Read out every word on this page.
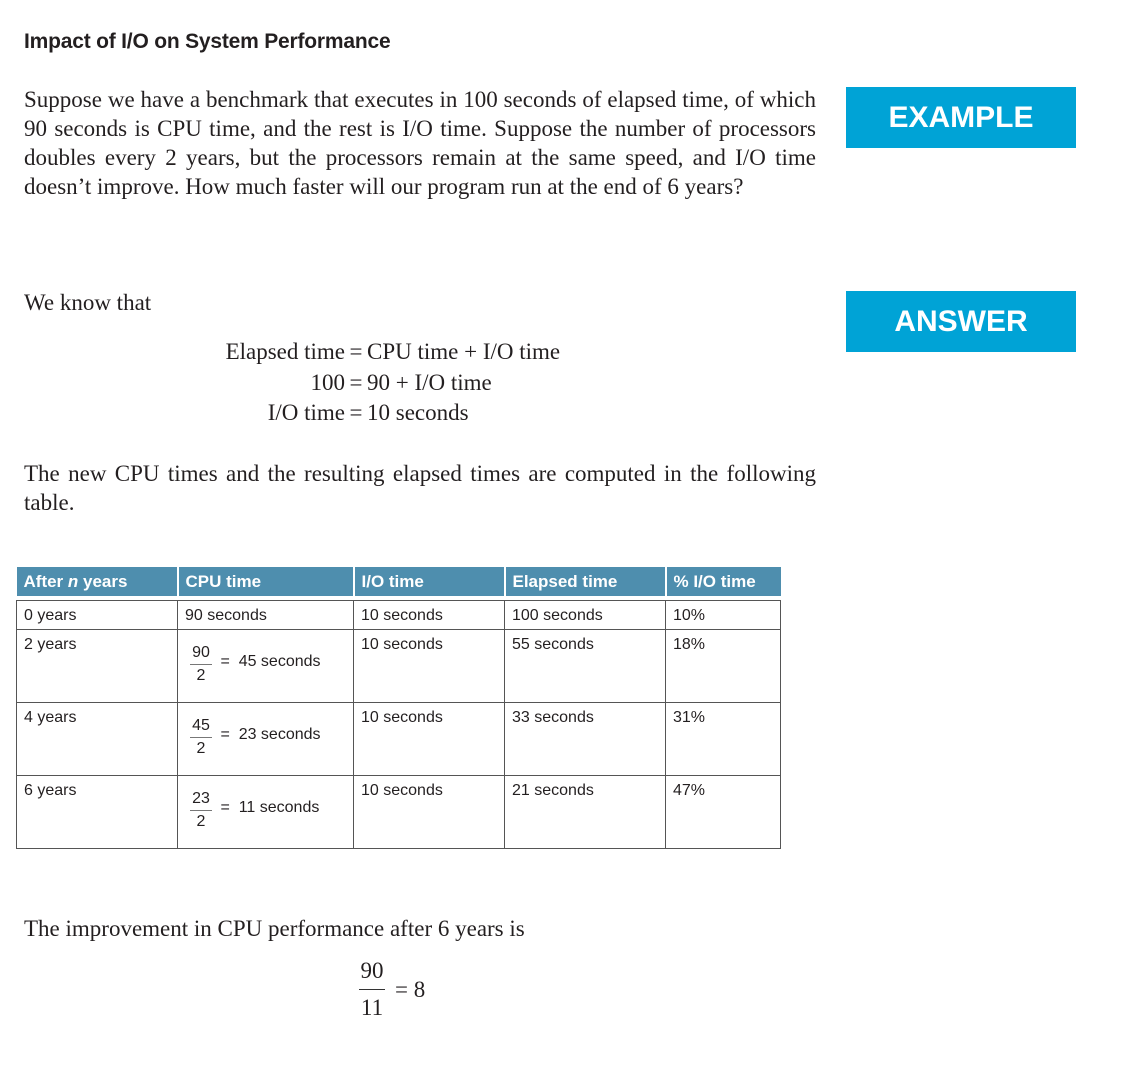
Impact of I/O on System Performance
Suppose we have a benchmark that executes in 100 seconds of elapsed time, of which 90 seconds is CPU time, and the rest is I/O time. Suppose the number of processors doubles every 2 years, but the processors remain at the same speed, and I/O time doesn’t improve. How much faster will our program run at the end of 6 years?
EXAMPLE
ANSWER
We know that
Elapsed time = CPU time + I/O time
100 = 90 + I/O time
I/O time = 10 seconds
The new CPU times and the resulting elapsed times are computed in the following table.
After n years	CPU time	I/O time	Elapsed time	% I/O time

0 years	90 seconds	10 seconds	100 seconds	10%
2 years	$\frac{90}{2} = 45$ seconds	10 seconds	55 seconds	18%
4 years	$\frac{45}{2} = 23$ seconds	10 seconds	33 seconds	31%
6 years	$\frac{23}{2} = 11$ seconds	10 seconds	21 seconds	47%
The improvement in CPU performance after 6 years is
90
11
= 8
